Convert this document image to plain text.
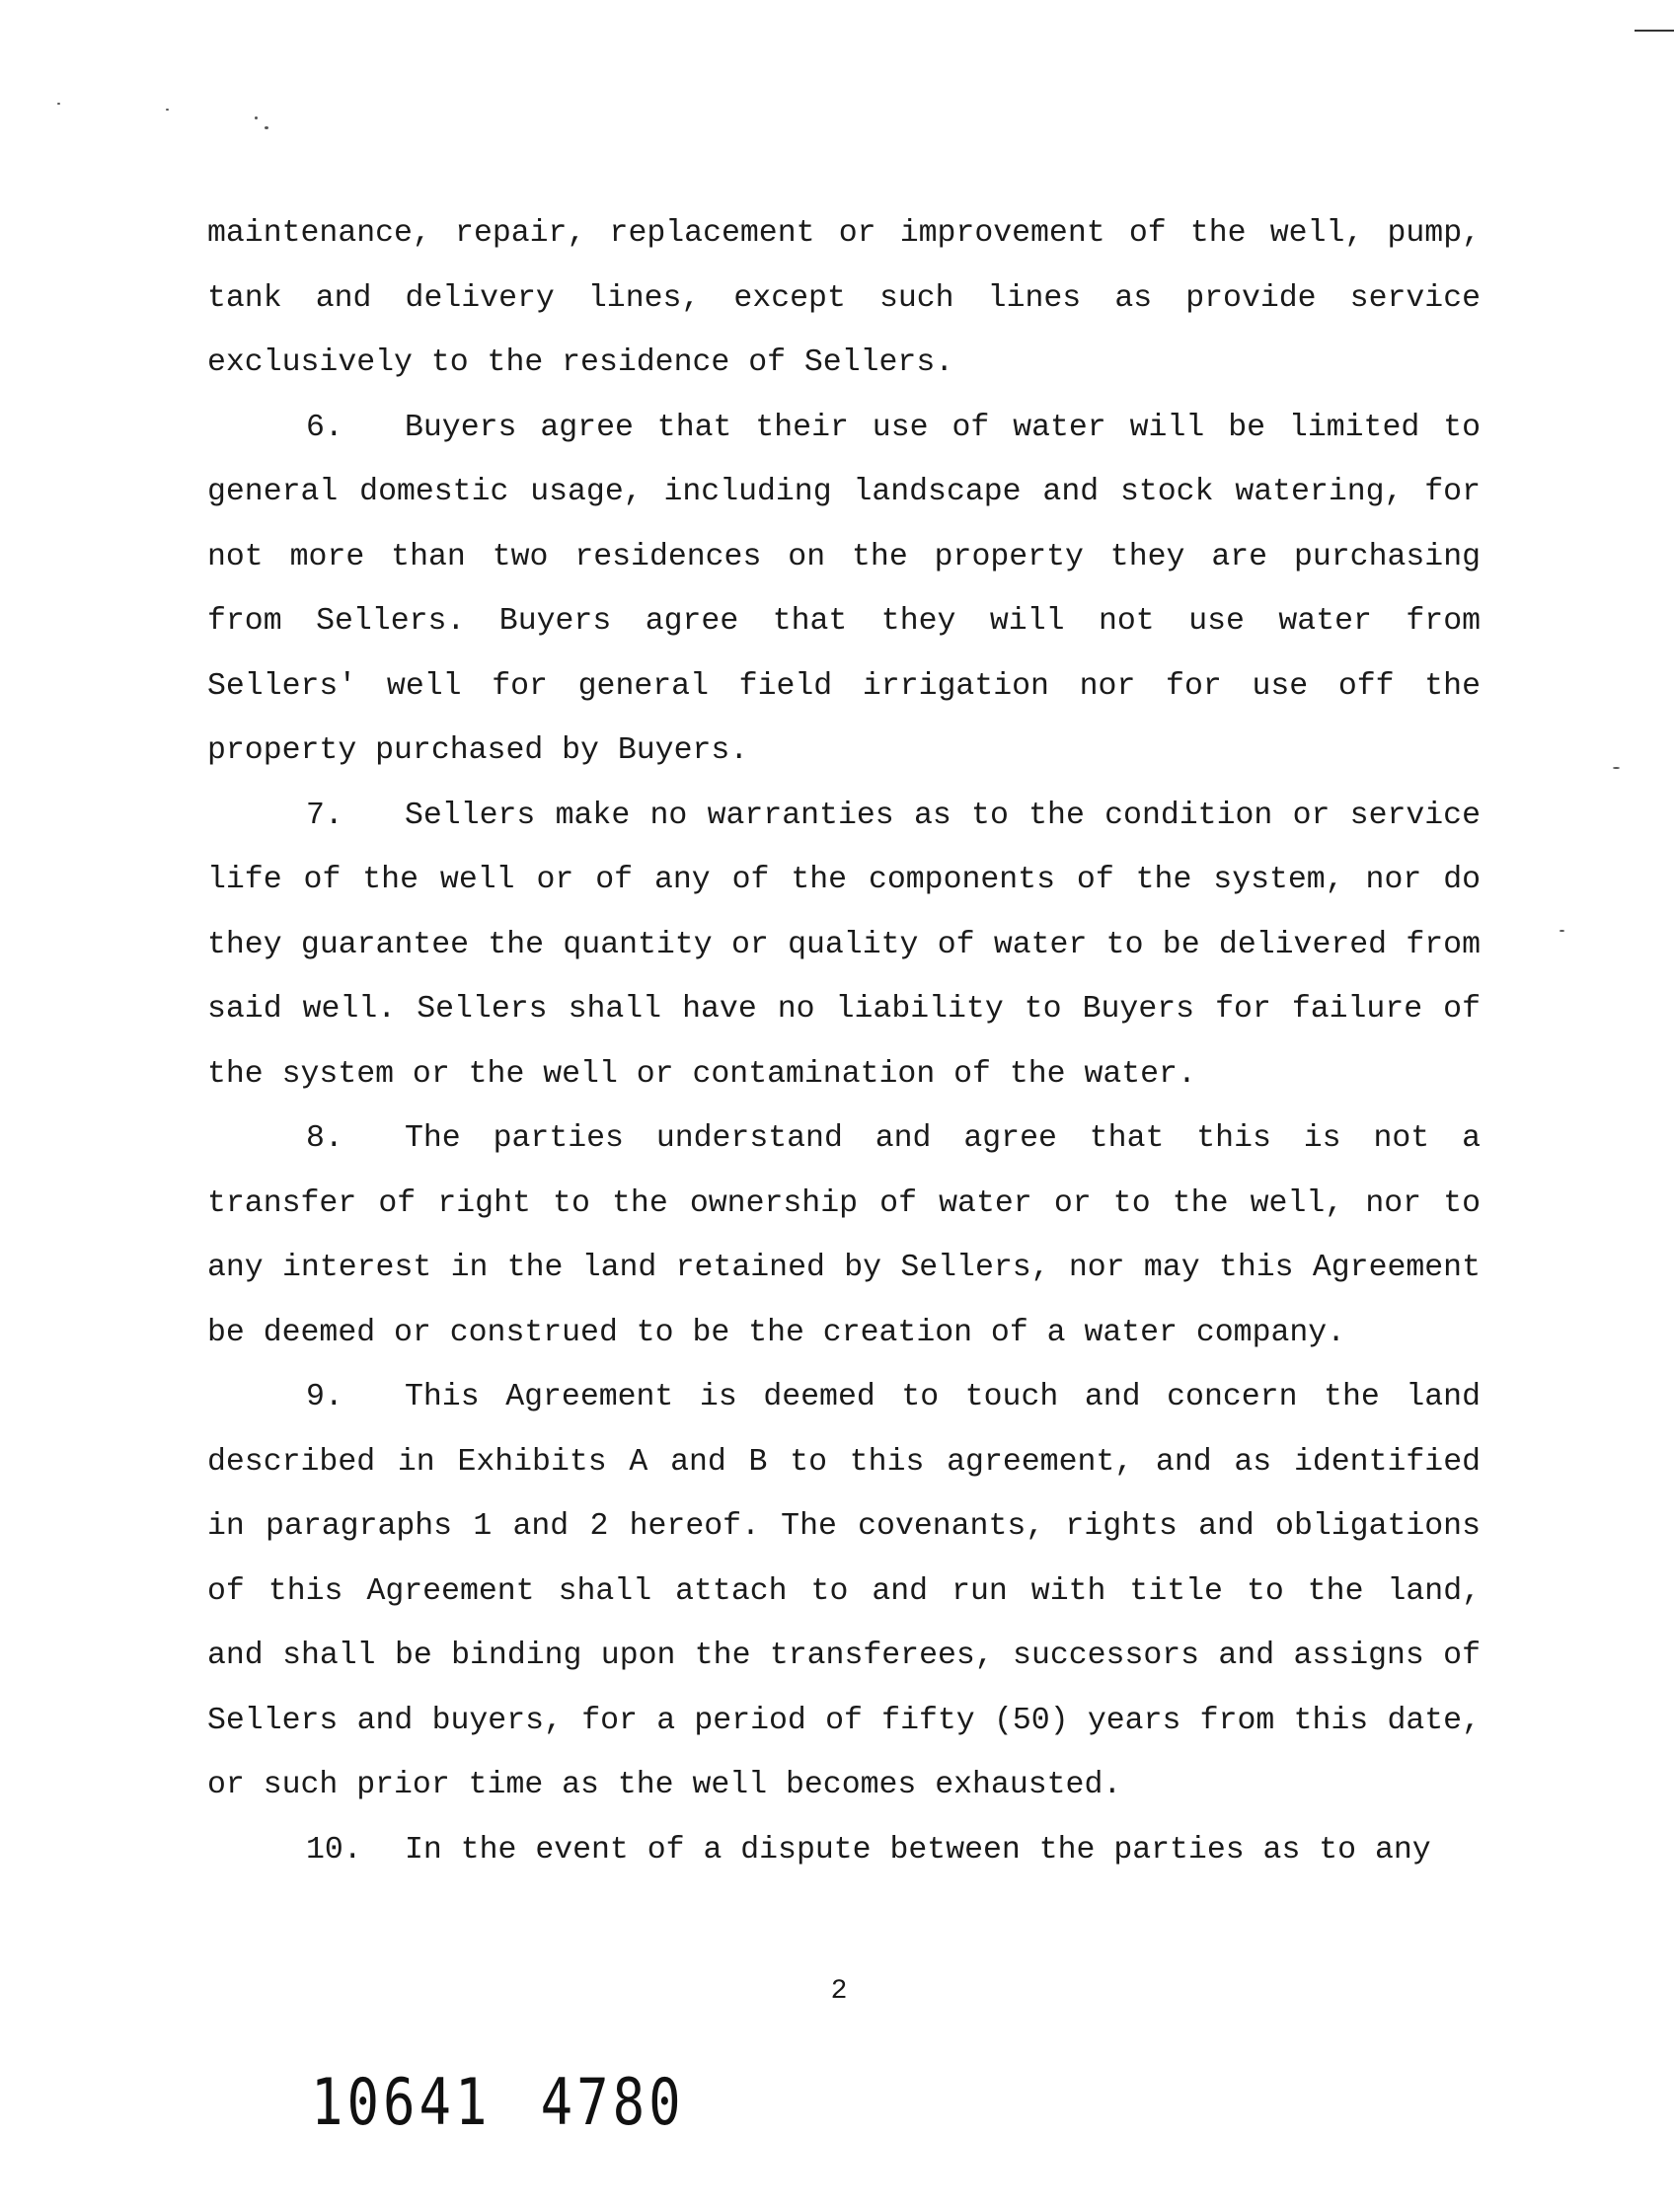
maintenance, repair, replacement or improvement of the well, pump, tank and delivery lines, except such lines as provide service exclusively to the residence of Sellers.

6. Buyers agree that their use of water will be limited to general domestic usage, including landscape and stock watering, for not more than two residences on the property they are purchasing from Sellers. Buyers agree that they will not use water from Sellers' well for general field irrigation nor for use off the property purchased by Buyers.

7. Sellers make no warranties as to the condition or service life of the well or of any of the components of the system, nor do they guarantee the quantity or quality of water to be delivered from said well. Sellers shall have no liability to Buyers for failure of the system or the well or contamination of the water.

8. The parties understand and agree that this is not a transfer of right to the ownership of water or to the well, nor to any interest in the land retained by Sellers, nor may this Agreement be deemed or construed to be the creation of a water company.

9. This Agreement is deemed to touch and concern the land described in Exhibits A and B to this agreement, and as identified in paragraphs 1 and 2 hereof. The covenants, rights and obligations of this Agreement shall attach to and run with title to the land, and shall be binding upon the transferees, successors and assigns of Sellers and buyers, for a period of fifty (50) years from this date, or such prior time as the well becomes exhausted.

10. In the event of a dispute between the parties as to any

2
10641 4780
